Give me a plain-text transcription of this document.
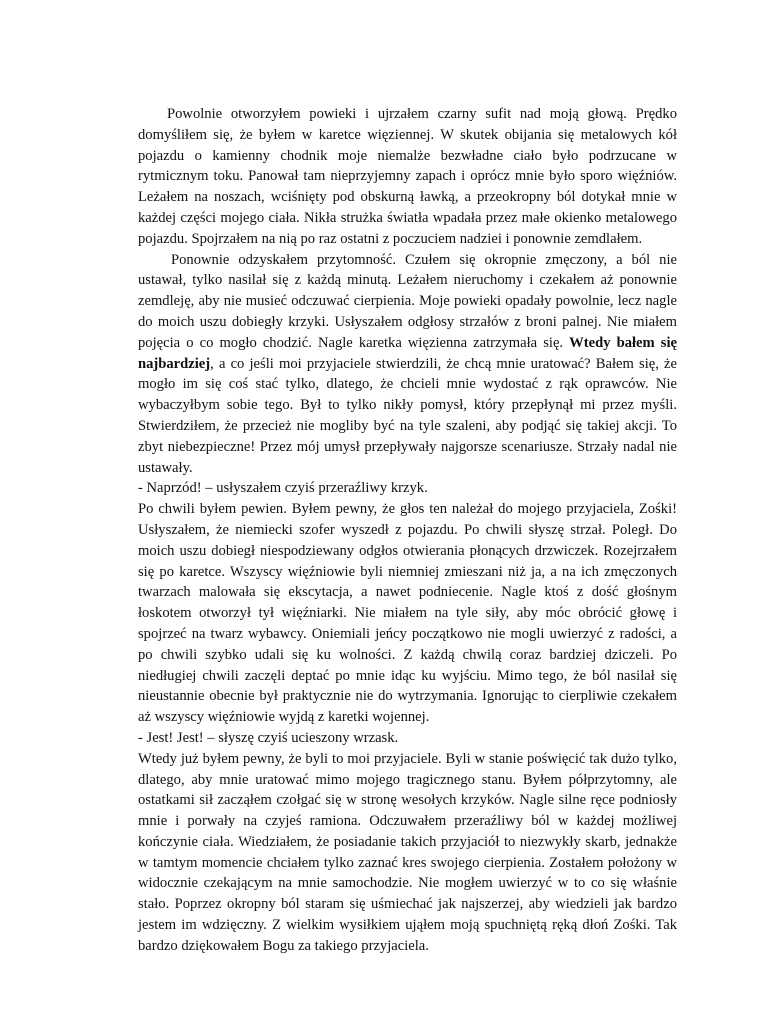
Powolnie otworzyłem powieki i ujrzałem czarny sufit nad moją głową. Prędko domyśliłem się, że byłem w karetce więziennej. W skutek obijania się metalowych kół pojazdu o kamienny chodnik moje niemalże bezwładne ciało było podrzucane w rytmicznym toku. Panował tam nieprzyjemny zapach i oprócz mnie było sporo więźniów. Leżałem na noszach, wciśnięty pod obskurną ławką, a przeokropny ból dotykał mnie w każdej części mojego ciała. Nikła strużka światła wpadała przez małe okienko metalowego pojazdu. Spojrzałem na nią po raz ostatni z poczuciem nadziei i ponownie zemdlałem.

Ponownie odzyskałem przytomność. Czułem się okropnie zmęczony, a ból nie ustawał, tylko nasilał się z każdą minutą. Leżałem nieruchomy i czekałem aż ponownie zemdleję, aby nie musieć odczuwać cierpienia. Moje powieki opadały powolnie, lecz nagle do moich uszu dobiegły krzyki. Usłyszałem odgłosy strzałów z broni palnej. Nie miałem pojęcia o co mogło chodzić. Nagle karetka więzienna zatrzymała się. Wtedy bałem się najbardziej, a co jeśli moi przyjaciele stwierdzili, że chcą mnie uratować? Bałem się, że mogło im się coś stać tylko, dlatego, że chcieli mnie wydostać z rąk oprawców. Nie wybaczyłbym sobie tego. Był to tylko nikły pomysł, który przepłynął mi przez myśli. Stwierdziłem, że przecież nie mogliby być na tyle szaleni, aby podjąć się takiej akcji. To zbyt niebezpieczne! Przez mój umysł przepływały najgorsze scenariusze. Strzały nadal nie ustawały.

- Naprzód! – usłyszałem czyiś przeraźliwy krzyk.

Po chwili byłem pewien. Byłem pewny, że głos ten należał do mojego przyjaciela, Zośki! Usłyszałem, że niemiecki szofer wyszedł z pojazdu. Po chwili słyszę strzał. Poległ. Do moich uszu dobiegł niespodziewany odgłos otwierania płonących drzwiczek. Rozejrzałem się po karetce. Wszyscy więźniowie byli niemniej zmieszani niż ja, a na ich zmęczonych twarzach malowała się ekscytacja, a nawet podniecenie. Nagle ktoś z dość głośnym łoskotem otworzył tył więźniarki. Nie miałem na tyle siły, aby móc obrócić głowę i spojrzeć na twarz wybawcy. Oniemiali jeńcy początkowo nie mogli uwierzyć z radości, a po chwili szybko udali się ku wolności. Z każdą chwilą coraz bardziej dziczeli. Po niedługiej chwili zaczęli deptać po mnie idąc ku wyjściu. Mimo tego, że ból nasilał się nieustannie obecnie był praktycznie nie do wytrzymania. Ignorując to cierpliwie czekałem aż wszyscy więźniowie wyjdą z karetki wojennej.

- Jest! Jest! – słyszę czyiś ucieszony wrzask.

Wtedy już byłem pewny, że byli to moi przyjaciele. Byli w stanie poświęcić tak dużo tylko, dlatego, aby mnie uratować mimo mojego tragicznego stanu. Byłem półprzytomny, ale ostatkami sił zacząłem czołgać się w stronę wesołych krzyków. Nagle silne ręce podniosły mnie i porwały na czyjeś ramiona. Odczuwałem przeraźliwy ból w każdej możliwej kończynie ciała. Wiedziałem, że posiadanie takich przyjaciół to niezwykły skarb, jednakże w tamtym momencie chciałem tylko zaznać kres swojego cierpienia. Zostałem położony w widocznie czekającym na mnie samochodzie. Nie mogłem uwierzyć w to co się właśnie stało. Poprzez okropny ból staram się uśmiechać jak najszerzej, aby wiedzieli jak bardzo jestem im wdzięczny. Z wielkim wysiłkiem ująłem moją spuchniętą ręką dłoń Zośki. Tak bardzo dziękowałem Bogu za takiego przyjaciela.
